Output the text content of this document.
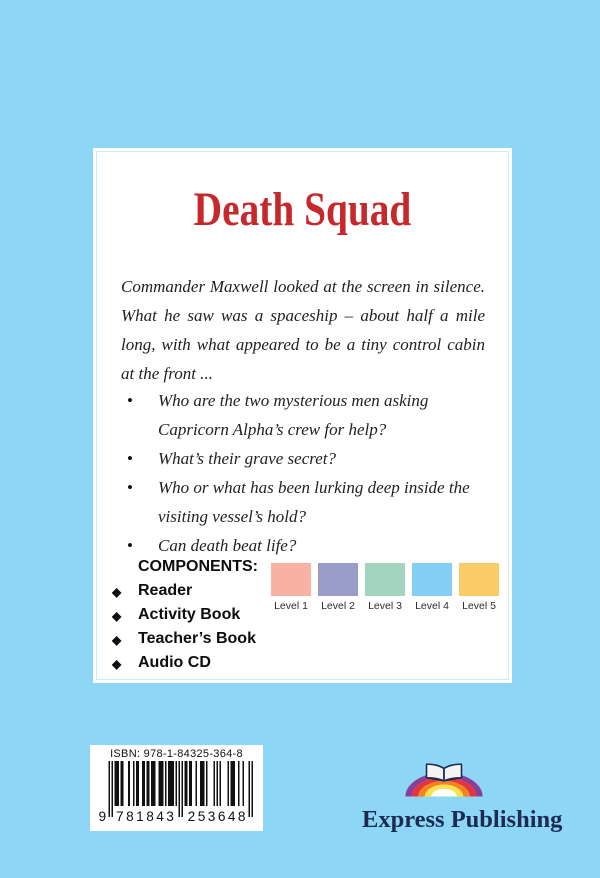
Death Squad

Commander Maxwell looked at the screen in silence. What he saw was a spaceship – about half a mile long, with what appeared to be a tiny control cabin at the front ...

• Who are the two mysterious men asking Capricorn Alpha’s crew for help?
• What’s their grave secret?
• Who or what has been lurking deep inside the visiting vessel’s hold?
• Can death beat life?
COMPONENTS:
◆ Reader
◆ Activity Book
◆ Teacher’s Book
◆ Audio CD
Level 1 Level 2 Level 3 Level 4 Level 5
ISBN: 978-1-84325-364-8
9 781843 253648	Express Publishing
